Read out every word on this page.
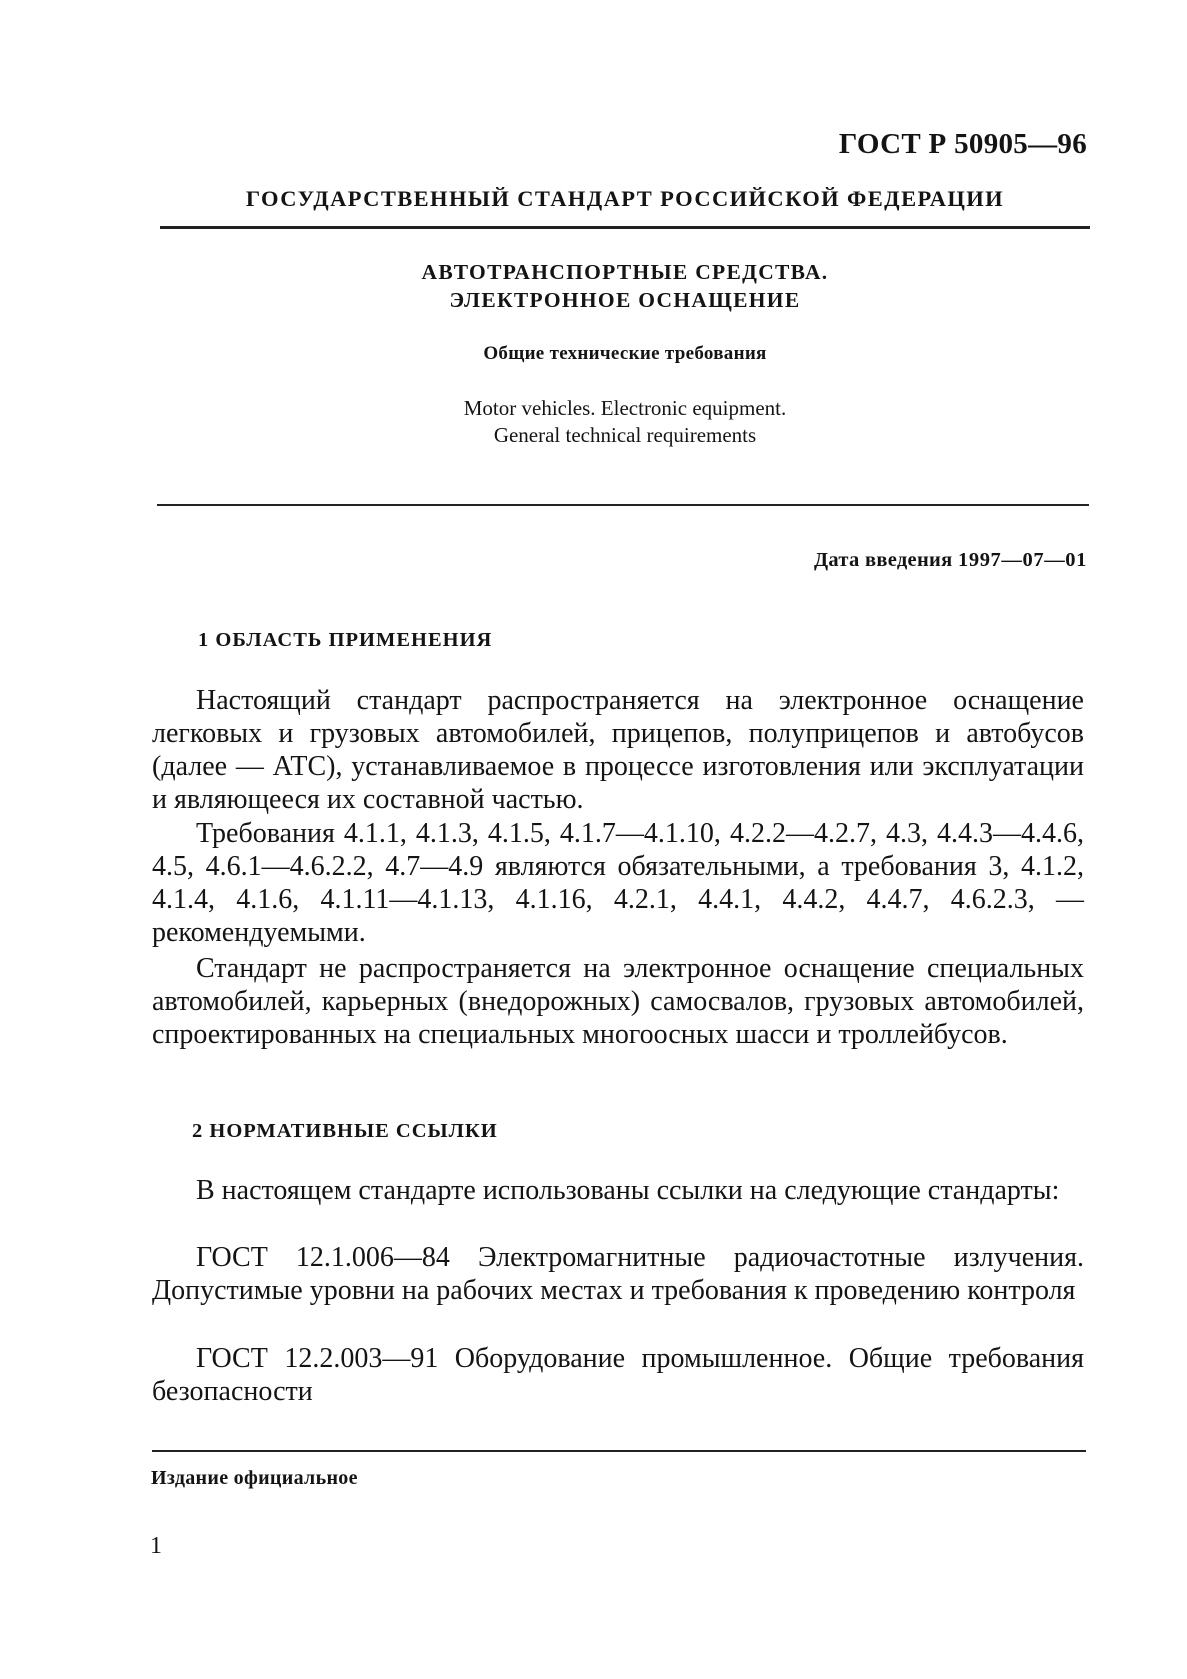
ГОСТ Р 50905—96
ГОСУДАРСТВЕННЫЙ СТАНДАРТ РОССИЙСКОЙ ФЕДЕРАЦИИ
АВТОТРАНСПОРТНЫЕ СРЕДСТВА.
ЭЛЕКТРОННОЕ ОСНАЩЕНИЕ
Общие технические требования
Motor vehicles. Electronic equipment.
General technical requirements
Дата введения 1997—07—01
1 ОБЛАСТЬ ПРИМЕНЕНИЯ

Настоящий стандарт распространяется на электронное оснащение легковых и грузовых автомобилей, прицепов, полуприцепов и автобусов (далее — АТС), устанавливаемое в процессе изготовления или эксплуатации и являющееся их составной частью.

Требования 4.1.1, 4.1.3, 4.1.5, 4.1.7—4.1.10, 4.2.2—4.2.7, 4.3, 4.4.3—4.4.6, 4.5, 4.6.1—4.6.2.2, 4.7—4.9 являются обязательными, а требования 3, 4.1.2, 4.1.4, 4.1.6, 4.1.11—4.1.13, 4.1.16, 4.2.1, 4.4.1, 4.4.2, 4.4.7, 4.6.2.3, — рекомендуемыми.

Стандарт не распространяется на электронное оснащение специальных автомобилей, карьерных (внедорожных) самосвалов, грузовых автомобилей, спроектированных на специальных многоосных шасси и троллейбусов.

2 НОРМАТИВНЫЕ ССЫЛКИ

В настоящем стандарте использованы ссылки на следующие стандарты:

ГОСТ 12.1.006—84 Электромагнитные радиочастотные излучения. Допустимые уровни на рабочих местах и требования к проведению контроля

ГОСТ 12.2.003—91 Оборудование промышленное. Общие требования безопасности

Издание официальное
1
